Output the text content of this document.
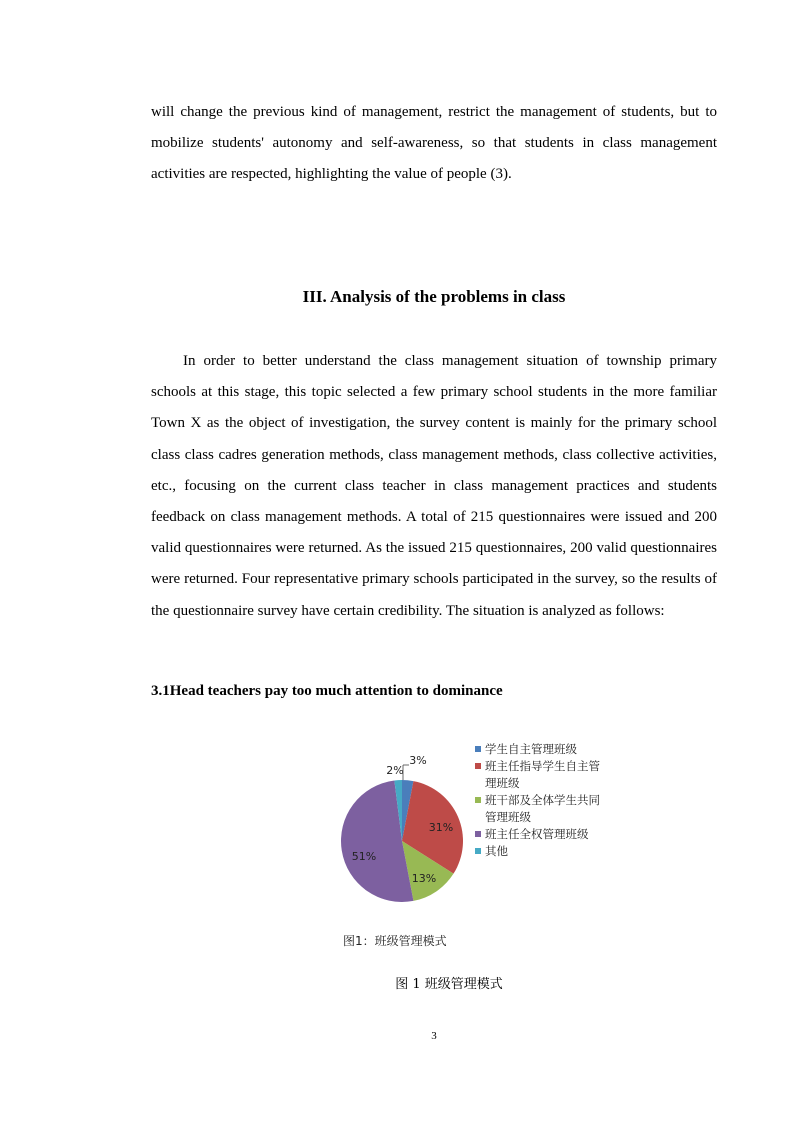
will change the previous kind of management, restrict the management of students, but to mobilize students' autonomy and self-awareness, so that students in class management activities are respected, highlighting the value of people (3).

III. Analysis of the problems in class

In order to better understand the class management situation of township primary schools at this stage, this topic selected a few primary school students in the more familiar Town X as the object of investigation, the survey content is mainly for the primary school class class cadres generation methods, class management methods, class collective activities, etc., focusing on the current class teacher in class management practices and students feedback on class management methods. A total of 215 questionnaires were issued and 200 valid questionnaires were returned. As the issued 215 questionnaires, 200 valid questionnaires were returned. Four representative primary schools participated in the survey, so the results of the questionnaire survey have certain credibility. The situation is analyzed as follows:

3.1Head teachers pay too much attention to dominance
3%
31%
13%
51%
2%
学生自主管理班级
班主任指导学生自主管理班级
班干部及全体学生共同管理班级
班主任全权管理班级
其他

图1：班级管理模式

图 1 班级管理模式

3
